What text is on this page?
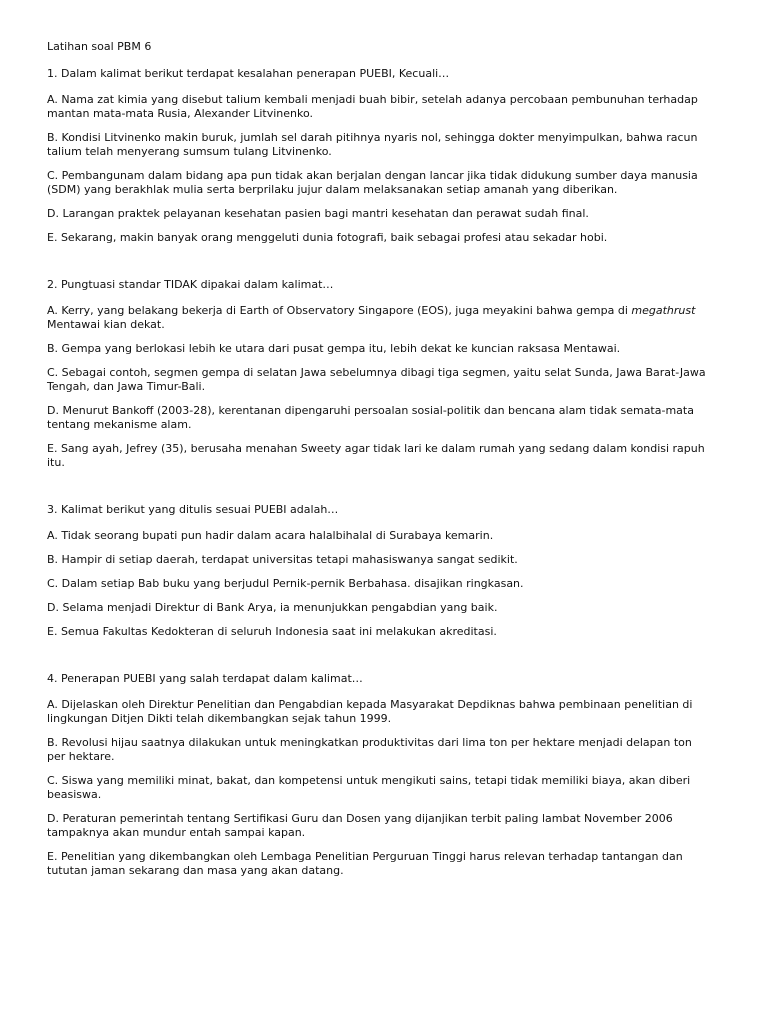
Latihan soal PBM 6

1. Dalam kalimat berikut terdapat kesalahan penerapan PUEBI, Kecuali…

A. Nama zat kimia yang disebut talium kembali menjadi buah bibir, setelah adanya percobaan pembunuhan terhadap mantan mata-mata Rusia, Alexander Litvinenko.

B. Kondisi Litvinenko makin buruk, jumlah sel darah pitihnya nyaris nol, sehingga dokter menyimpulkan, bahwa racun talium telah menyerang sumsum tulang Litvinenko.

C. Pembangunam dalam bidang apa pun tidak akan berjalan dengan lancar jika tidak didukung sumber daya manusia (SDM) yang berakhlak mulia serta berprilaku jujur dalam melaksanakan setiap amanah yang diberikan.

D. Larangan praktek pelayanan kesehatan pasien bagi mantri kesehatan dan perawat sudah final.

E. Sekarang, makin banyak orang menggeluti dunia fotografi, baik sebagai profesi atau sekadar hobi.

2. Pungtuasi standar TIDAK dipakai dalam kalimat…

A. Kerry, yang belakang bekerja di Earth of Observatory Singapore (EOS), juga meyakini bahwa gempa di megathrust Mentawai kian dekat.

B. Gempa yang berlokasi lebih ke utara dari pusat gempa itu, lebih dekat ke kuncian raksasa Mentawai.

C. Sebagai contoh, segmen gempa di selatan Jawa sebelumnya dibagi tiga segmen, yaitu selat Sunda, Jawa Barat-Jawa Tengah, dan Jawa Timur-Bali.

D. Menurut Bankoff (2003-28), kerentanan dipengaruhi persoalan sosial-politik dan bencana alam tidak semata-mata tentang mekanisme alam.

E. Sang ayah, Jefrey (35), berusaha menahan Sweety agar tidak lari ke dalam rumah yang sedang dalam kondisi rapuh itu.

3. Kalimat berikut yang ditulis sesuai PUEBI adalah…

A. Tidak seorang bupati pun hadir dalam acara halalbihalal di Surabaya kemarin.

B. Hampir di setiap daerah, terdapat universitas tetapi mahasiswanya sangat sedikit.

C. Dalam setiap Bab buku yang berjudul Pernik-pernik Berbahasa. disajikan ringkasan.

D. Selama menjadi Direktur di Bank Arya, ia menunjukkan pengabdian yang baik.

E. Semua Fakultas Kedokteran di seluruh Indonesia saat ini melakukan akreditasi.

4. Penerapan PUEBI yang salah terdapat dalam kalimat…

A. Dijelaskan oleh Direktur Penelitian dan Pengabdian kepada Masyarakat Depdiknas bahwa pembinaan penelitian di lingkungan Ditjen Dikti telah dikembangkan sejak tahun 1999.

B. Revolusi hijau saatnya dilakukan untuk meningkatkan produktivitas dari lima ton per hektare menjadi delapan ton per hektare.

C. Siswa yang memiliki minat, bakat, dan kompetensi untuk mengikuti sains, tetapi tidak memiliki biaya, akan diberi beasiswa.

D. Peraturan pemerintah tentang Sertifikasi Guru dan Dosen yang dijanjikan terbit paling lambat November 2006 tampaknya akan mundur entah sampai kapan.

E. Penelitian yang dikembangkan oleh Lembaga Penelitian Perguruan Tinggi harus relevan terhadap tantangan dan tututan jaman sekarang dan masa yang akan datang.
